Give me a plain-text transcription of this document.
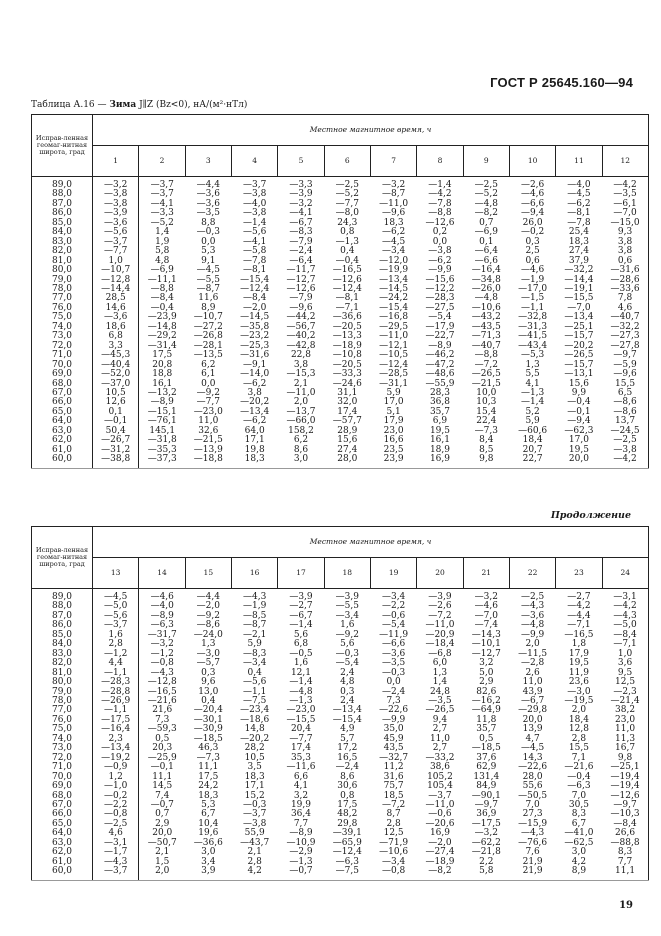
ГОСТ Р 25645.160—94
Таблица А.16 — Зима J∥Z (Bz<0), нА/(м²·нТл)
Исправ-ленная геомаг-нитная широта, град	Местное магнитное время, ч											
	1	2	3	4	5	6	7	8	9	10	11	12
89,0	—3,2	—3,7	—4,4	—3,7	—3,3	—2,5	—3,2	—1,4	—2,5	—2,6	—4,0	—4,2
88,0	—3,8	—3,7	—3,6	—3,8	—3,9	—5,2	—8,7	—4,2	—5,2	—4,6	—4,5	—3,5
87,0	—3,8	—4,1	—3,6	—4,0	—3,2	—7,7	—11,0	—7,8	—4,8	—6,6	—6,2	—6,1
86,0	—3,9	—3,3	—3,5	—3,8	—4,1	—8,0	—9,6	—8,8	—8,2	—9,4	—8,1	—7,0
85,0	—3,6	—5,2	8,8	—1,4	—6,7	24,3	18,3	—12,6	0,7	26,0	—7,8	—15,0
84,0	—5,6	1,4	—0,3	—5,6	—8,3	0,8	—6,2	0,2	—6,9	—0,2	25,4	9,3
83,0	—3,7	1,9	0,0	—4,1	—7,9	—1,3	—4,5	0,0	0,1	0,3	18,3	3,8
82,0	—7,7	5,8	5,3	—5,8	—2,4	0,4	—3,4	—3,8	—6,4	2,5	27,4	3,8
81,0	1,0	4,8	9,1	—7,8	—6,4	—0,4	—12,0	—6,2	—6,6	0,6	37,9	0,6
80,0	—10,7	—6,9	—4,5	—8,1	—11,7	—16,5	—19,9	—9,9	—16,4	—4,6	—32,2	—31,6
79,0	—12,8	—11,1	—5,5	—15,4	—12,7	—12,6	—13,4	—15,6	—34,8	—1,9	—14,4	—28,6
78,0	—14,4	—8,8	—8,7	—12,4	—12,6	—12,4	—14,5	—12,2	—26,0	—17,0	—19,1	—33,6
77,0	28,5	—8,4	11,6	—8,4	—7,9	—8,1	—24,2	—28,3	—4,8	—1,5	—15,5	7,8
76,0	14,6	—0,4	8,9	—2,0	—9,6	—7,1	—15,4	—27,5	—10,6	—1,1	—7,0	4,6
75,0	—3,6	—23,9	—10,7	—14,5	—44,2	—36,6	—16,8	—5,4	—43,2	—32,8	—13,4	—40,7
74,0	18,6	—14,8	—27,2	—35,8	—56,7	—20,5	—29,5	—17,9	—43,5	—31,3	—25,1	—32,2
73,0	6,8	—29,2	—26,8	—23,2	—40,2	—13,3	—11,0	—22,7	—71,3	—41,5	—15,7	—27,3
72,0	3,3	—31,4	—28,1	—25,3	—42,8	—18,9	—12,1	—8,9	—40,7	—43,4	—20,2	—27,8
71,0	—45,3	17,5	—13,5	—31,6	22,8	—10,8	—10,5	—46,2	—8,8	—5,3	—26,5	—9,7
70,0	—40,4	20,8	6,2	—9,1	3,8	—20,5	—12,4	—47,2	—7,2	1,3	—15,7	—5,9
69,0	—52,0	18,8	6,1	—14,0	—15,3	—33,3	—28,5	—48,6	—26,5	5,5	—13,1	—9,6
68,0	—37,0	16,1	0,0	—6,2	2,1	—24,6	—31,1	—55,9	—21,5	4,1	15,6	15,5
67,0	10,5	—13,2	—9,2	3,8	—11,0	31,1	5,9	28,3	10,0	—1,3	9,9	6,5
66,0	12,6	—8,9	—7,7	—20,2	2,0	32,0	17,0	36,8	10,3	—1,4	—0,4	—8,6
65,0	0,1	—15,1	—23,0	—13,4	—13,7	17,4	5,1	35,7	15,4	5,2	—0,1	—8,6
64,0	—0,1	—76,1	11,0	—6,2	—66,0	—57,7	17,9	6,9	22,4	5,9	—9,4	13,7
63,0	50,4	145,1	32,6	64,0	158,2	28,9	23,0	19,5	—7,3	—60,6	—62,3	—24,5
62,0	—26,7	—31,8	—21,5	17,1	6,2	15,6	16,6	16,1	8,4	18,4	17,0	—2,5
61,0	—31,2	—35,3	—13,9	19,8	8,6	27,4	23,5	18,9	8,5	20,7	19,5	—3,8
60,0	—38,8	—37,3	—18,8	18,3	3,0	28,0	23,9	16,9	9,8	22,7	20,0	—4,2
Продолжение
Исправ-ленная геомаг-нитная широта, град	Местное магнитное время, ч											
	13	14	15	16	17	18	19	20	21	22	23	24
89,0	—4,5	—4,6	—4,4	—4,3	—3,9	—3,9	—3,4	—3,9	—3,2	—2,5	—2,7	—3,1
88,0	—5,0	—4,0	—2,0	—1,9	—2,7	—5,5	—2,2	—2,6	—4,6	—4,3	—4,2	—4,2
87,0	—5,6	—8,9	—9,2	—8,5	—6,7	—3,4	—0,6	—7,2	—7,0	—3,6	—4,4	—4,3
86,0	—3,7	—6,3	—8,6	—8,7	—1,4	1,6	—5,4	—11,0	—7,4	—4,8	—7,1	—5,0
85,0	1,6	—31,7	—24,0	—2,1	5,6	—9,2	—11,9	—20,9	—14,3	—9,9	—16,5	—8,4
84,0	2,8	—3,2	1,3	5,9	6,8	5,6	—6,6	—18,4	—10,1	2,0	1,8	—7,1
83,0	—1,2	—1,2	—3,0	—8,3	—0,5	—0,3	—3,6	—6,8	—12,7	—11,5	17,9	1,0
82,0	4,4	—0,8	—5,7	—3,4	1,6	—5,4	—3,5	6,0	3,2	—2,8	19,5	3,6
81,0	—1,1	—4,3	0,3	0,4	12,1	2,4	—0,3	1,3	5,0	2,6	11,9	9,5
80,0	—28,3	—12,8	9,6	—5,6	—1,4	4,8	0,0	1,4	2,9	11,0	23,6	12,5
79,0	—28,8	—16,5	13,0	—1,1	—4,8	0,3	—2,4	24,8	82,6	43,9	—3,0	—2,3
78,0	—26,9	—21,6	0,4	—7,5	—1,3	2,4	7,3	—3,5	—16,2	—6,7	—19,5	—21,4
77,0	—1,1	21,6	—20,4	—23,4	—23,0	—13,4	—22,6	—26,5	—64,9	—29,8	2,0	38,2
76,0	—17,5	7,3	—30,1	—18,6	—15,5	—15,4	—9,9	9,4	11,8	20,0	18,4	23,0
75,0	—16,4	—59,3	—30,9	14,8	20,4	4,9	35,0	2,7	35,7	13,9	12,8	11,0
74,0	2,3	0,5	—18,5	—20,2	—7,7	5,7	45,9	11,0	0,5	4,7	2,8	11,3
73,0	—13,4	20,3	46,3	28,2	17,4	17,2	43,5	2,7	—18,5	—4,5	15,5	16,7
72,0	—19,2	—25,9	—7,3	10,5	35,3	16,5	—32,7	—33,2	37,6	14,3	7,1	9,8
71,0	—0,9	—0,1	11,1	3,5	—11,6	—2,4	11,2	38,6	62,9	—22,6	—21,6	—25,1
70,0	1,2	11,1	17,5	18,3	6,6	8,6	31,6	105,2	131,4	28,0	—0,4	—19,4
69,0	—1,0	14,5	24,2	17,1	4,1	30,6	75,7	105,4	84,9	55,6	—6,3	—19,4
68,0	—0,2	7,4	18,3	15,2	3,2	0,8	18,5	—3,7	—90,1	—50,5	7,0	—12,6
67,0	—2,2	—0,7	5,3	—0,3	19,9	17,5	—7,2	—11,0	—9,7	7,0	30,5	—9,7
66,0	—0,8	0,7	6,7	—3,7	36,4	48,2	8,7	—0,6	36,9	27,3	8,3	—10,3
65,0	—2,5	2,9	10,4	—3,8	7,7	29,8	2,8	—20,6	—17,5	—15,9	6,7	—8,4
64,0	4,6	20,0	19,6	55,9	—8,9	—39,1	12,5	16,9	—3,2	—4,3	—41,0	26,6
63,0	—3,1	—50,7	—36,6	—43,7	—10,9	—65,9	—71,9	—2,0	—62,2	—76,6	—62,5	—88,8
62,0	—1,7	2,1	3,0	2,1	—2,9	—12,4	—10,6	—27,4	—21,8	7,6	3,0	8,3
61,0	—4,3	1,5	3,4	2,8	—1,3	—6,3	—3,4	—18,9	2,2	21,9	4,2	7,7
60,0	—3,7	2,0	3,9	4,2	—0,7	—7,5	—0,8	—8,2	5,8	21,9	8,9	11,1
19
